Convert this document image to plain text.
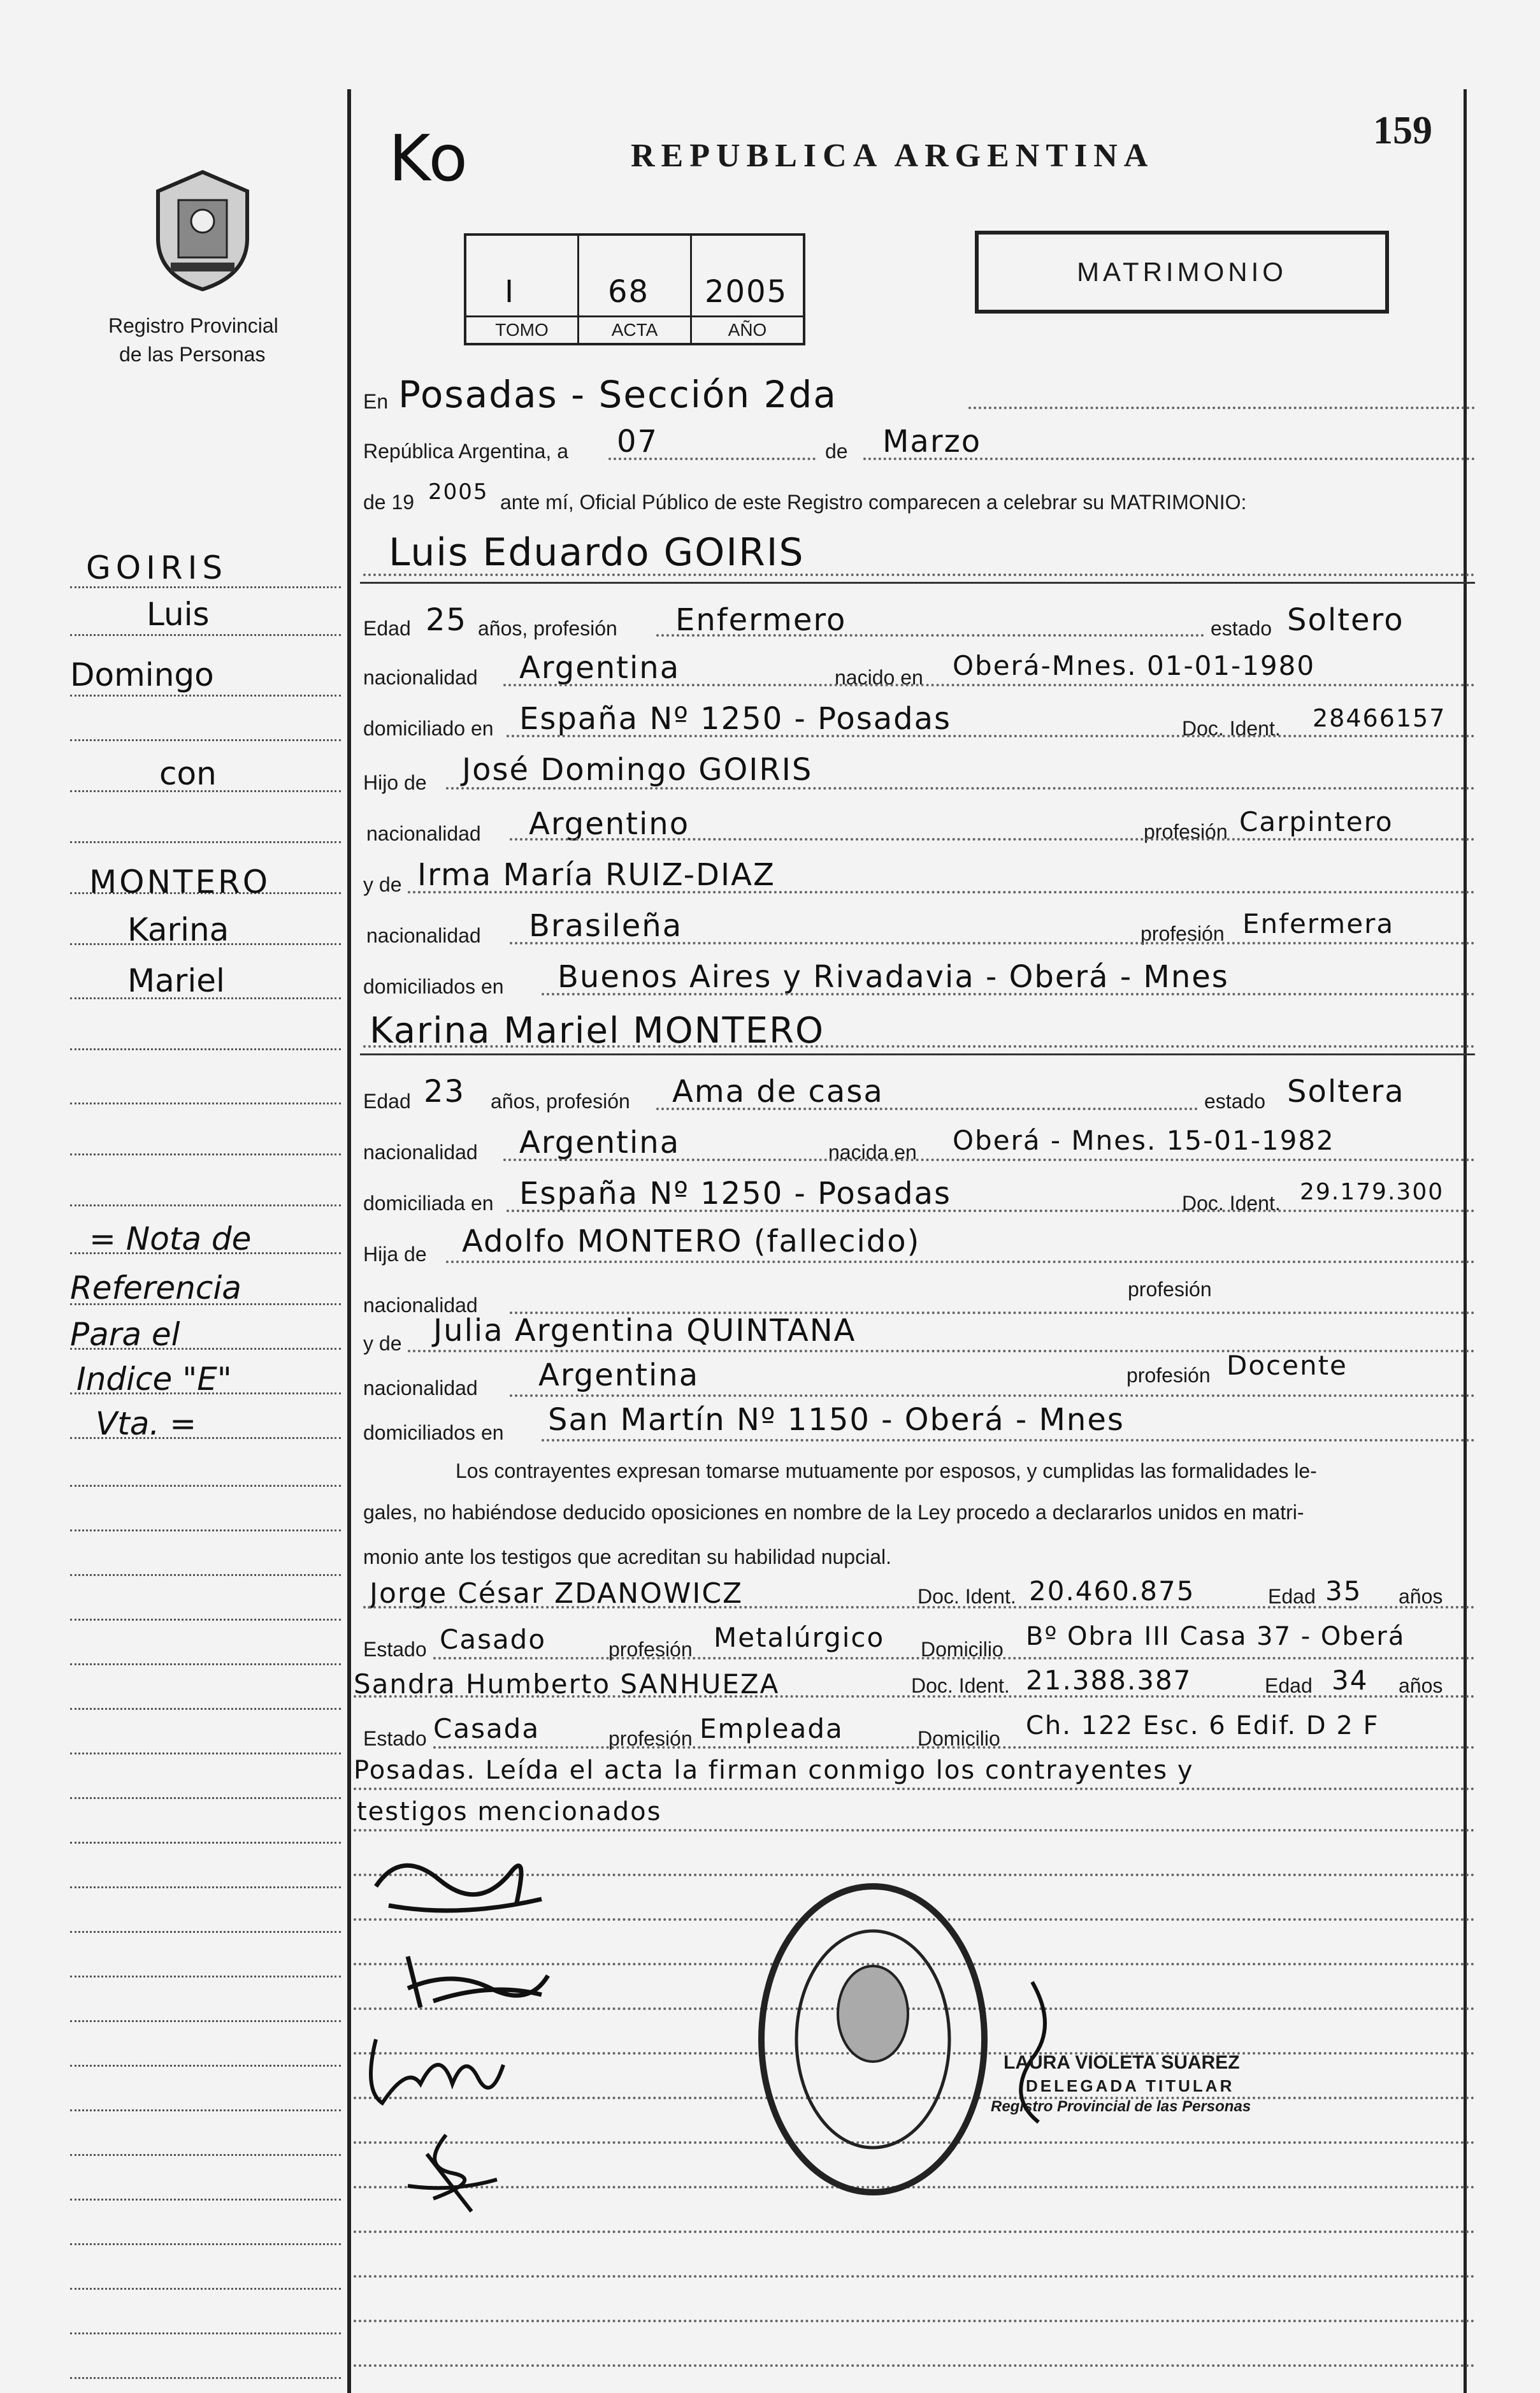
Ko	REPUBLICA ARGENTINA
159
Registro Provincial
de las Personas
I
TOMO
68
ACTA
2005
AÑO
MATRIMONIO
GOIRIS
Luis
Domingo
con
MONTERO
Karina
Mariel
= Nota de
Referencia
Para el
Indice "E"
Vta. =
En Posadas - Sección 2da
República Argentina, a 07	de Marzo
de 19 2005 ante mí, Oficial Público de este Registro comparecen a celebrar su MATRIMONIO:
Luis Eduardo GOIRIS
Edad 25 años, profesión Enfermero	estado Soltero
nacionalidad Argentina	nacido en Oberá-Mnes. 01-01-1980
domiciliado en España Nº 1250 - Posadas	Doc. Ident. 28466157
Hijo de José Domingo GOIRIS
nacionalidad Argentino	profesión Carpintero
y de Irma María RUIZ-DIAZ
nacionalidad Brasileña	profesión Enfermera
domiciliados en Buenos Aires y Rivadavia - Oberá - Mnes
Karina Mariel MONTERO
Edad 23 años, profesión Ama de casa	estado Soltera
nacionalidad Argentina	nacida en Oberá - Mnes. 15-01-1982
domiciliada en España Nº 1250 - Posadas	Doc. Ident. 29.179.300
Hija de Adolfo MONTERO (fallecido)
nacionalidad
profesión
y de Julia Argentina QUINTANA
nacionalidad Argentina	profesión Docente
domiciliados en San Martín Nº 1150 - Oberá - Mnes
Los contrayentes expresan tomarse mutuamente por esposos, y cumplidas las formalidades le-
gales, no habiéndose deducido oposiciones en nombre de la Ley procedo a declararlos unidos en matri-
monio ante los testigos que acreditan su habilidad nupcial.
Jorge César ZDANOWICZ	Doc. Ident. 20.460.875	Edad 35 años
Estado Casado	profesión Metalúrgico Domicilio Bº Obra III Casa 37 - Oberá
Sandra Humberto SANHUEZA	Doc. Ident. 21.388.387	Edad 34 años
Estado Casada	profesión Empleada	Domicilio Ch. 122 Esc. 6 Edif. D 2 F
Posadas. Leída el acta la firman conmigo los contrayentes y
testigos mencionados
LAURA VIOLETA SUAREZ
DELEGADA TITULAR
Registro Provincial de las Personas
